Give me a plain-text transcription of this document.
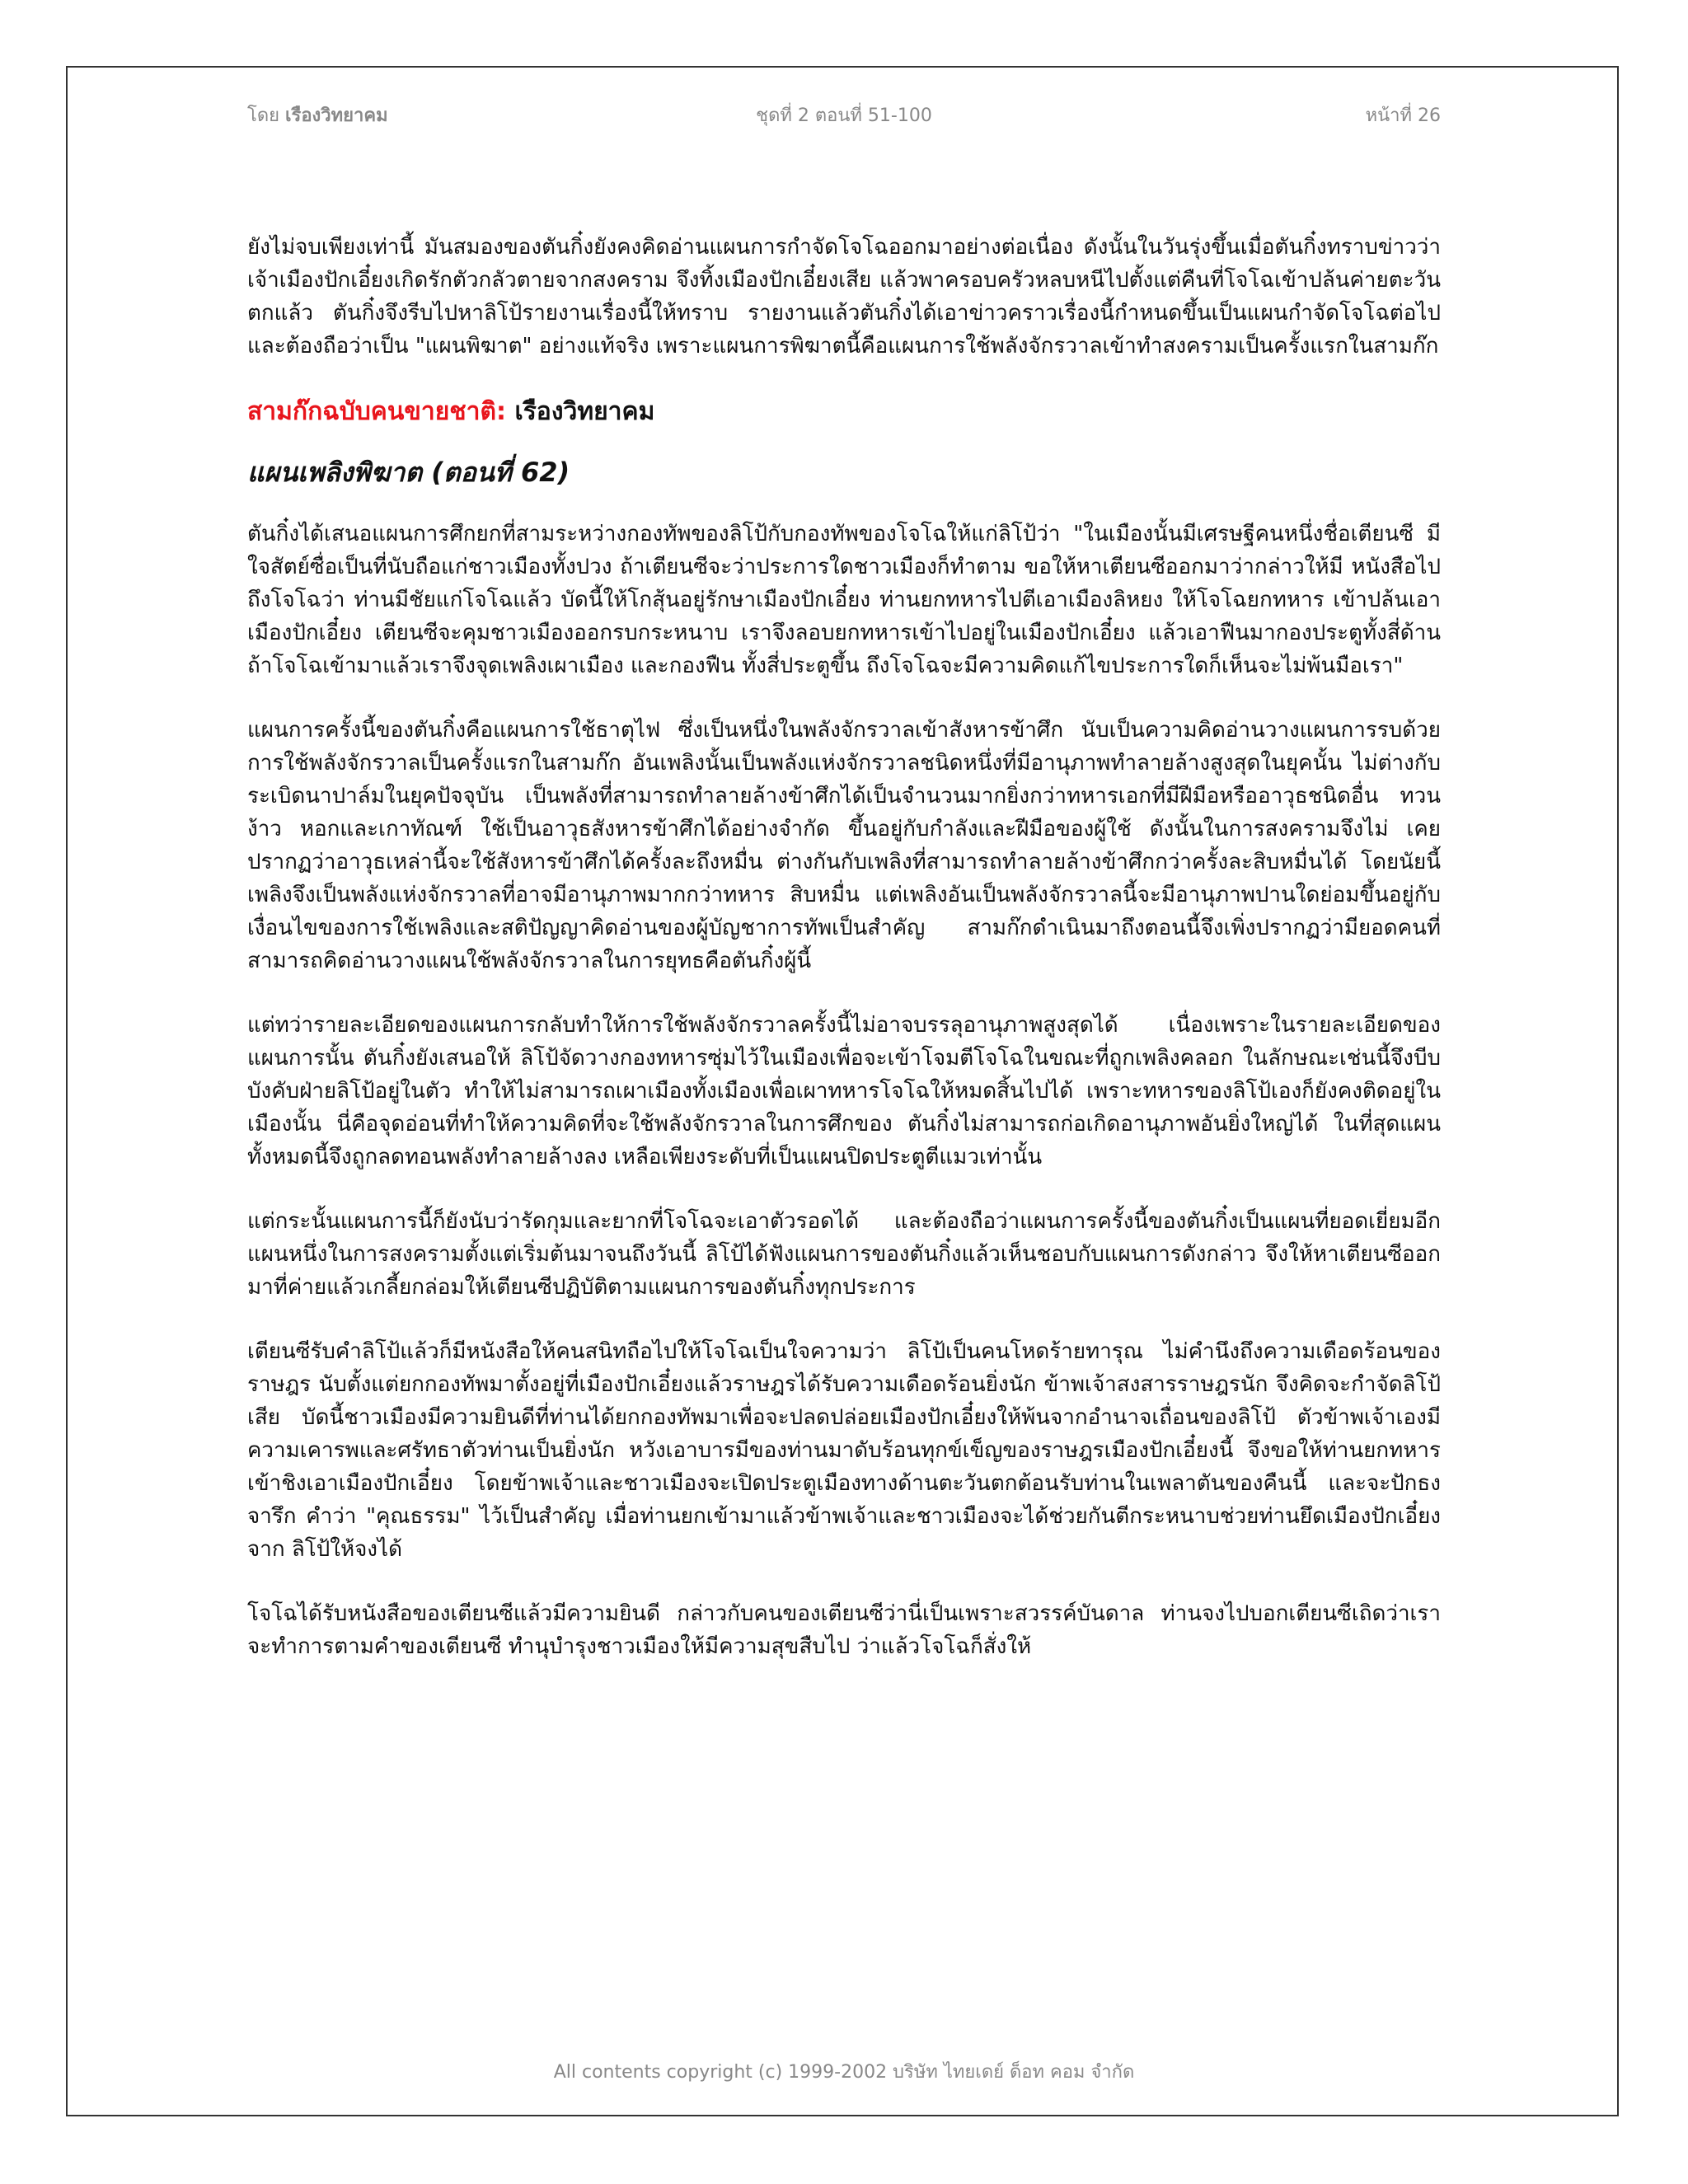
โดย เรืองวิทยาคม	ชุดที่ 2 ตอนที่ 51-100	หน้าที่ 26

ยังไม่จบเพียงเท่านี้ มันสมองของตันกิ๋งยังคงคิดอ่านแผนการกำจัดโจโฉออกมาอย่างต่อเนื่อง ดังนั้นในวันรุ่งขึ้นเมื่อตันกิ๋งทราบข่าวว่าเจ้าเมืองปักเอี๋ยงเกิดรักตัวกลัวตายจากสงคราม จึงทิ้งเมืองปักเอี๋ยงเสีย แล้วพาครอบครัวหลบหนีไปตั้งแต่คืนที่โจโฉเข้าปล้นค่ายตะวันตกแล้ว ตันกิ๋งจึงรีบไปหาลิโป้รายงานเรื่องนี้ให้ทราบ รายงานแล้วตันกิ๋งได้เอาข่าวคราวเรื่องนี้กำหนดขึ้นเป็นแผนกำจัดโจโฉต่อไป และต้องถือว่าเป็น "แผนพิฆาต" อย่างแท้จริง เพราะแผนการพิฆาตนี้คือแผนการใช้พลังจักรวาลเข้าทำสงครามเป็นครั้งแรกในสามก๊ก

สามก๊กฉบับคนขายชาติ: เรืองวิทยาคม
แผนเพลิงพิฆาต (ตอนที่ 62)

ตันกิ๋งได้เสนอแผนการศึกยกที่สามระหว่างกองทัพของลิโป้กับกองทัพของโจโฉให้แก่ลิโป้ว่า "ในเมืองนั้นมีเศรษฐีคนหนึ่งชื่อเตียนซี มีใจสัตย์ซื่อเป็นที่นับถือแก่ชาวเมืองทั้งปวง ถ้าเตียนซีจะว่าประการใดชาวเมืองก็ทำตาม ขอให้หาเตียนซีออกมาว่ากล่าวให้มี หนังสือไปถึงโจโฉว่า ท่านมีชัยแก่โจโฉแล้ว บัดนี้ให้โกสุ้นอยู่รักษาเมืองปักเอี๋ยง ท่านยกทหารไปตีเอาเมืองลิหยง ให้โจโฉยกทหาร เข้าปล้นเอาเมืองปักเอี๋ยง เตียนซีจะคุมชาวเมืองออกรบกระหนาบ เราจึงลอบยกทหารเข้าไปอยู่ในเมืองปักเอี๋ยง แล้วเอาฟืนมากองประตูทั้งสี่ด้าน ถ้าโจโฉเข้ามาแล้วเราจึงจุดเพลิงเผาเมือง และกองฟืน ทั้งสี่ประตูขึ้น ถึงโจโฉจะมีความคิดแก้ไขประการใดก็เห็นจะไม่พ้นมือเรา"

แผนการครั้งนี้ของตันกิ๋งคือแผนการใช้ธาตุไฟ ซึ่งเป็นหนึ่งในพลังจักรวาลเข้าสังหารข้าศึก นับเป็นความคิดอ่านวางแผนการรบด้วย การใช้พลังจักรวาลเป็นครั้งแรกในสามก๊ก อันเพลิงนั้นเป็นพลังแห่งจักรวาลชนิดหนึ่งที่มีอานุภาพทำลายล้างสูงสุดในยุคนั้น ไม่ต่างกับระเบิดนาปาล์มในยุคปัจจุบัน เป็นพลังที่สามารถทำลายล้างข้าศึกได้เป็นจำนวนมากยิ่งกว่าทหารเอกที่มีฝีมือหรืออาวุธชนิดอื่น ทวน ง้าว หอกและเกาทัณฑ์ ใช้เป็นอาวุธสังหารข้าศึกได้อย่างจำกัด ขึ้นอยู่กับกำลังและฝีมือของผู้ใช้ ดังนั้นในการสงครามจึงไม่ เคยปรากฏว่าอาวุธเหล่านี้จะใช้สังหารข้าศึกได้ครั้งละถึงหมื่น ต่างกันกับเพลิงที่สามารถทำลายล้างข้าศึกกว่าครั้งละสิบหมื่นได้ โดยนัยนี้ เพลิงจึงเป็นพลังแห่งจักรวาลที่อาจมีอานุภาพมากกว่าทหาร สิบหมื่น แต่เพลิงอันเป็นพลังจักรวาลนี้จะมีอานุภาพปานใดย่อมขึ้นอยู่กับเงื่อนไขของการใช้เพลิงและสติปัญญาคิดอ่านของผู้บัญชาการทัพเป็นสำคัญ สามก๊กดำเนินมาถึงตอนนี้จึงเพิ่งปรากฏว่ามียอดคนที่สามารถคิดอ่านวางแผนใช้พลังจักรวาลในการยุทธคือตันกิ๋งผู้นี้

แต่ทว่ารายละเอียดของแผนการกลับทำให้การใช้พลังจักรวาลครั้งนี้ไม่อาจบรรลุอานุภาพสูงสุดได้ เนื่องเพราะในรายละเอียดของแผนการนั้น ตันกิ๋งยังเสนอให้ ลิโป้จัดวางกองทหารซุ่มไว้ในเมืองเพื่อจะเข้าโจมตีโจโฉในขณะที่ถูกเพลิงคลอก ในลักษณะเช่นนี้จึงบีบบังคับฝ่ายลิโป้อยู่ในตัว ทำให้ไม่สามารถเผาเมืองทั้งเมืองเพื่อเผาทหารโจโฉให้หมดสิ้นไปได้ เพราะทหารของลิโป้เองก็ยังคงติดอยู่ในเมืองนั้น นี่คือจุดอ่อนที่ทำให้ความคิดที่จะใช้พลังจักรวาลในการศึกของ ตันกิ๋งไม่สามารถก่อเกิดอานุภาพอันยิ่งใหญ่ได้ ในที่สุดแผนทั้งหมดนี้จึงถูกลดทอนพลังทำลายล้างลง เหลือเพียงระดับที่เป็นแผนปิดประตูตีแมวเท่านั้น

แต่กระนั้นแผนการนี้ก็ยังนับว่ารัดกุมและยากที่โจโฉจะเอาตัวรอดได้ และต้องถือว่าแผนการครั้งนี้ของตันกิ๋งเป็นแผนที่ยอดเยี่ยมอีกแผนหนึ่งในการสงครามตั้งแต่เริ่มต้นมาจนถึงวันนี้ ลิโป้ได้ฟังแผนการของตันกิ๋งแล้วเห็นชอบกับแผนการดังกล่าว จึงให้หาเตียนซีออกมาที่ค่ายแล้วเกลี้ยกล่อมให้เตียนซีปฏิบัติตามแผนการของตันกิ๋งทุกประการ

เตียนซีรับคำลิโป้แล้วก็มีหนังสือให้คนสนิทถือไปให้โจโฉเป็นใจความว่า ลิโป้เป็นคนโหดร้ายทารุณ ไม่คำนึงถึงความเดือดร้อนของราษฎร นับตั้งแต่ยกกองทัพมาตั้งอยู่ที่เมืองปักเอี๋ยงแล้วราษฎรได้รับความเดือดร้อนยิ่งนัก ข้าพเจ้าสงสารราษฎรนัก จึงคิดจะกำจัดลิโป้เสีย บัดนี้ชาวเมืองมีความยินดีที่ท่านได้ยกกองทัพมาเพื่อจะปลดปล่อยเมืองปักเอี๋ยงให้พ้นจากอำนาจเถื่อนของลิโป้ ตัวข้าพเจ้าเองมีความเคารพและศรัทธาตัวท่านเป็นยิ่งนัก หวังเอาบารมีของท่านมาดับร้อนทุกข์เข็ญของราษฎรเมืองปักเอี๋ยงนี้ จึงขอให้ท่านยกทหาร เข้าชิงเอาเมืองปักเอี๋ยง โดยข้าพเจ้าและชาวเมืองจะเปิดประตูเมืองทางด้านตะวันตกต้อนรับท่านในเพลาตันของคืนนี้ และจะปักธงจารึก คำว่า "คุณธรรม" ไว้เป็นสำคัญ เมื่อท่านยกเข้ามาแล้วข้าพเจ้าและชาวเมืองจะได้ช่วยกันตีกระหนาบช่วยท่านยึดเมืองปักเอี๋ยงจาก ลิโป้ให้จงได้

โจโฉได้รับหนังสือของเตียนซีแล้วมีความยินดี กล่าวกับคนของเตียนซีว่านี่เป็นเพราะสวรรค์บันดาล ท่านจงไปบอกเตียนซีเถิดว่าเรา จะทำการตามคำของเตียนซี ทำนุบำรุงชาวเมืองให้มีความสุขสืบไป ว่าแล้วโจโฉก็สั่งให้

All contents copyright (c) 1999-2002 บริษัท ไทยเดย์ ด็อท คอม จำกัด
